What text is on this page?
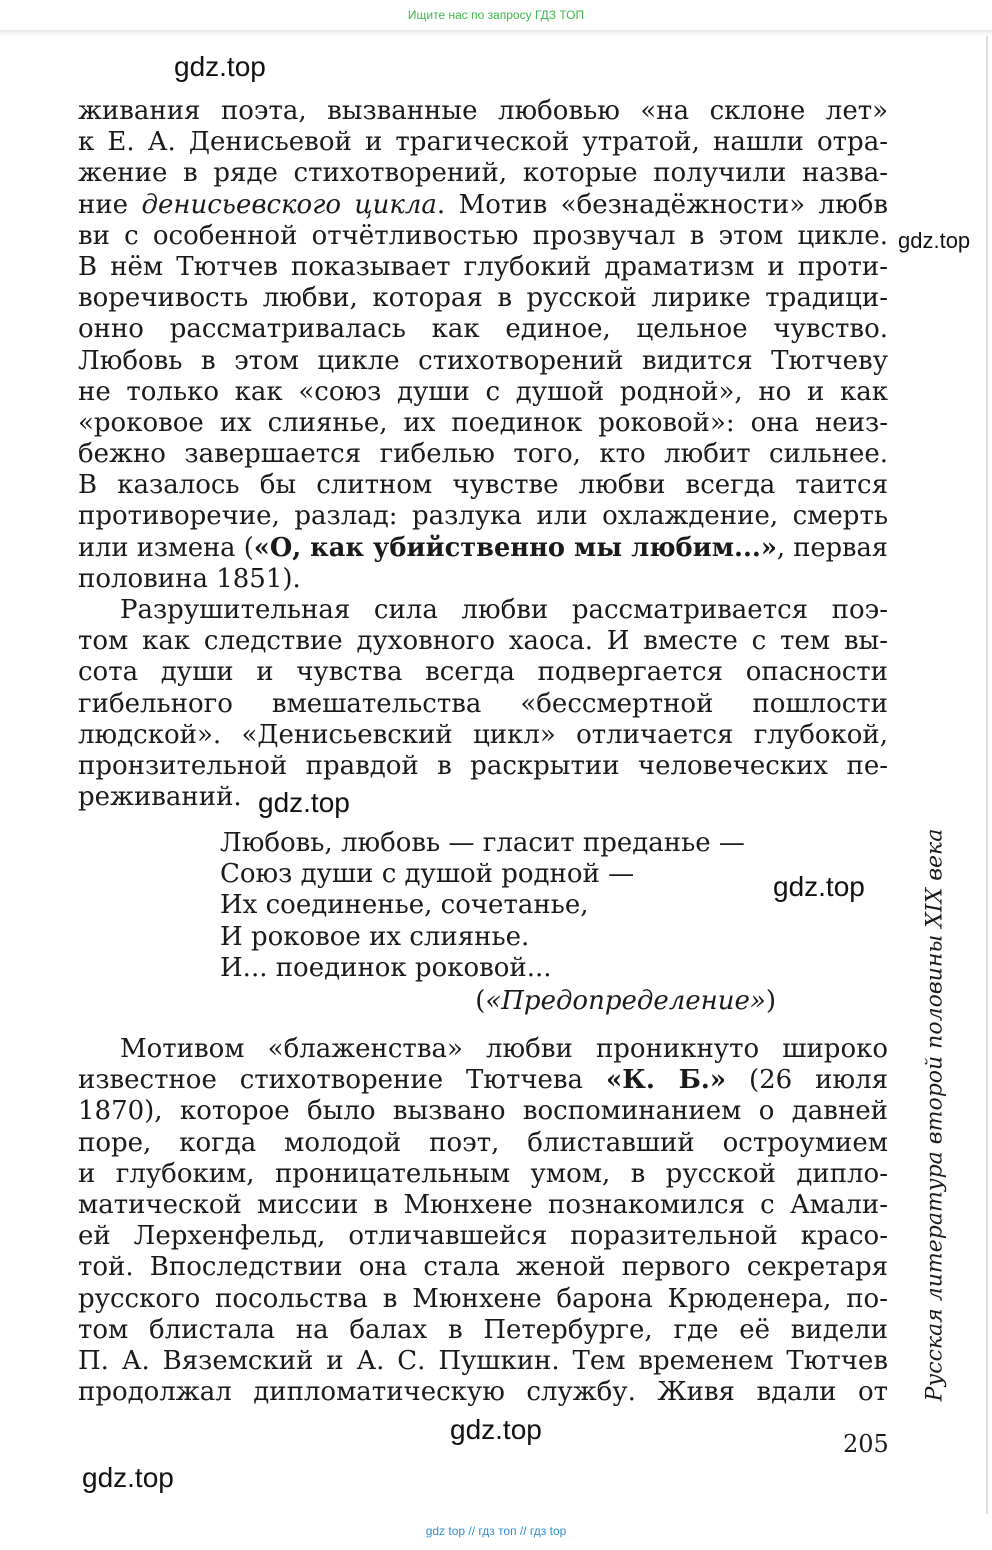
Ищите нас по запросу ГДЗ ТОП
gdz.top
gdz.top
gdz.top
gdz.top
gdz.top
gdz.top
живания поэта, вызванные любовью «на склоне лет»
к Е. А. Денисьевой и трагической утратой, нашли отра-
жение в ряде стихотворений, которые получили назва-
ние денисьевского цикла. Мотив «безнадёжности» любв
ви с особенной отчётливостью прозвучал в этом цикле.
В нём Тютчев показывает глубокий драматизм и проти-
воречивость любви, которая в русской лирике традици-
онно рассматривалась как единое, цельное чувство.
Любовь в этом цикле стихотворений видится Тютчеву
не только как «союз души с душой родной», но и как
«роковое их слиянье, их поединок роковой»: она неиз-
бежно завершается гибелью того, кто любит сильнее.
В казалось бы слитном чувстве любви всегда таится
противоречие, разлад: разлука или охлаждение, смерть
или измена («О, как убийственно мы любим...», первая
половина 1851).
Разрушительная сила любви рассматривается поэ-
том как следствие духовного хаоса. И вместе с тем вы-
сота души и чувства всегда подвергается опасности
гибельного вмешательства «бессмертной пошлости
людской». «Денисьевский цикл» отличается глубокой,
пронзительной правдой в раскрытии человеческих пе-
реживаний.
Любовь, любовь — гласит преданье —
Союз души с душой родной —
Их соединенье, сочетанье,
И роковое их слиянье.
И... поединок роковой...
(«Предопределение»)
Мотивом «блаженства» любви проникнуто широко
известное стихотворение Тютчева «К. Б.» (26 июля
1870), которое было вызвано воспоминанием о давней
поре, когда молодой поэт, блиставший остроумием
и глубоким, проницательным умом, в русской дипло-
матической миссии в Мюнхене познакомился с Амали-
ей Лерхенфельд, отличавшейся поразительной красо-
той. Впоследствии она стала женой первого секретаря
русского посольства в Мюнхене барона Крюденера, по-
том блистала на балах в Петербурге, где её видели
П. А. Вяземский и А. С. Пушкин. Тем временем Тютчев
продолжал дипломатическую службу. Живя вдали от Русская литература второй половины XIX века
205
gdz top // гдз топ // гдз top
